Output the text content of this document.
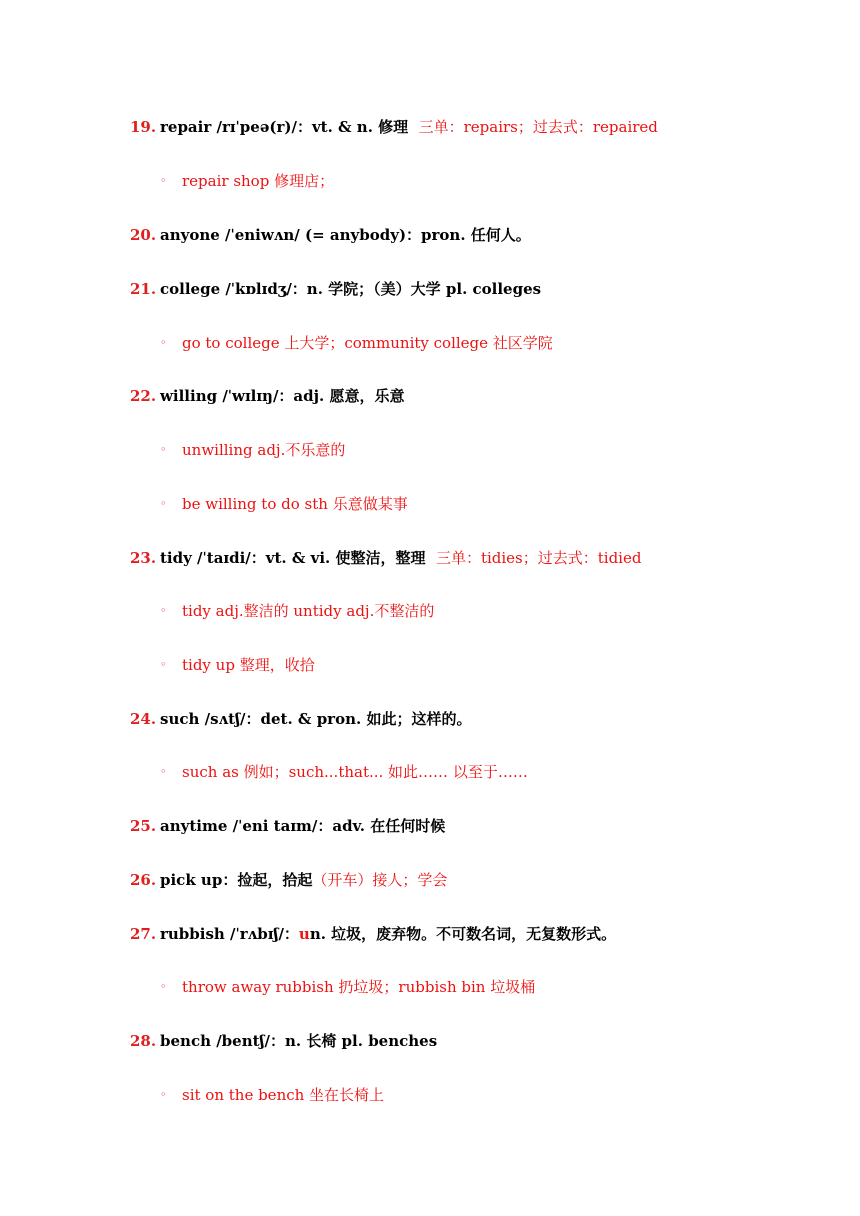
19. repair /rɪˈpeə(r)/：vt. & n. 修理 三单：repairs；过去式：repaired
◦ repair shop 修理店；
20. anyone /ˈeniwʌn/ (= anybody)：pron. 任何人。
21. college /ˈkɒlɪdʒ/：n. 学院；（美）大学 pl. colleges
◦ go to college 上大学；community college 社区学院
22. willing /ˈwɪlɪŋ/：adj. 愿意，乐意
◦ unwilling adj.不乐意的
◦ be willing to do sth 乐意做某事
23. tidy /ˈtaɪdi/：vt. & vi. 使整洁，整理 三单：tidies；过去式：tidied
◦ tidy adj.整洁的 untidy adj.不整洁的
◦ tidy up 整理，收拾
24. such /sʌtʃ/：det. & pron. 如此；这样的。
◦ such as 例如；such...that... 如此…… 以至于……
25. anytime /ˈeni taɪm/：adv. 在任何时候
26. pick up：捡起，拾起（开车）接人；学会
27. rubbish /ˈrʌbɪʃ/：un. 垃圾，废弃物。不可数名词，无复数形式。
◦ throw away rubbish 扔垃圾；rubbish bin 垃圾桶
28. bench /bentʃ/：n. 长椅 pl. benches
◦ sit on the bench 坐在长椅上
